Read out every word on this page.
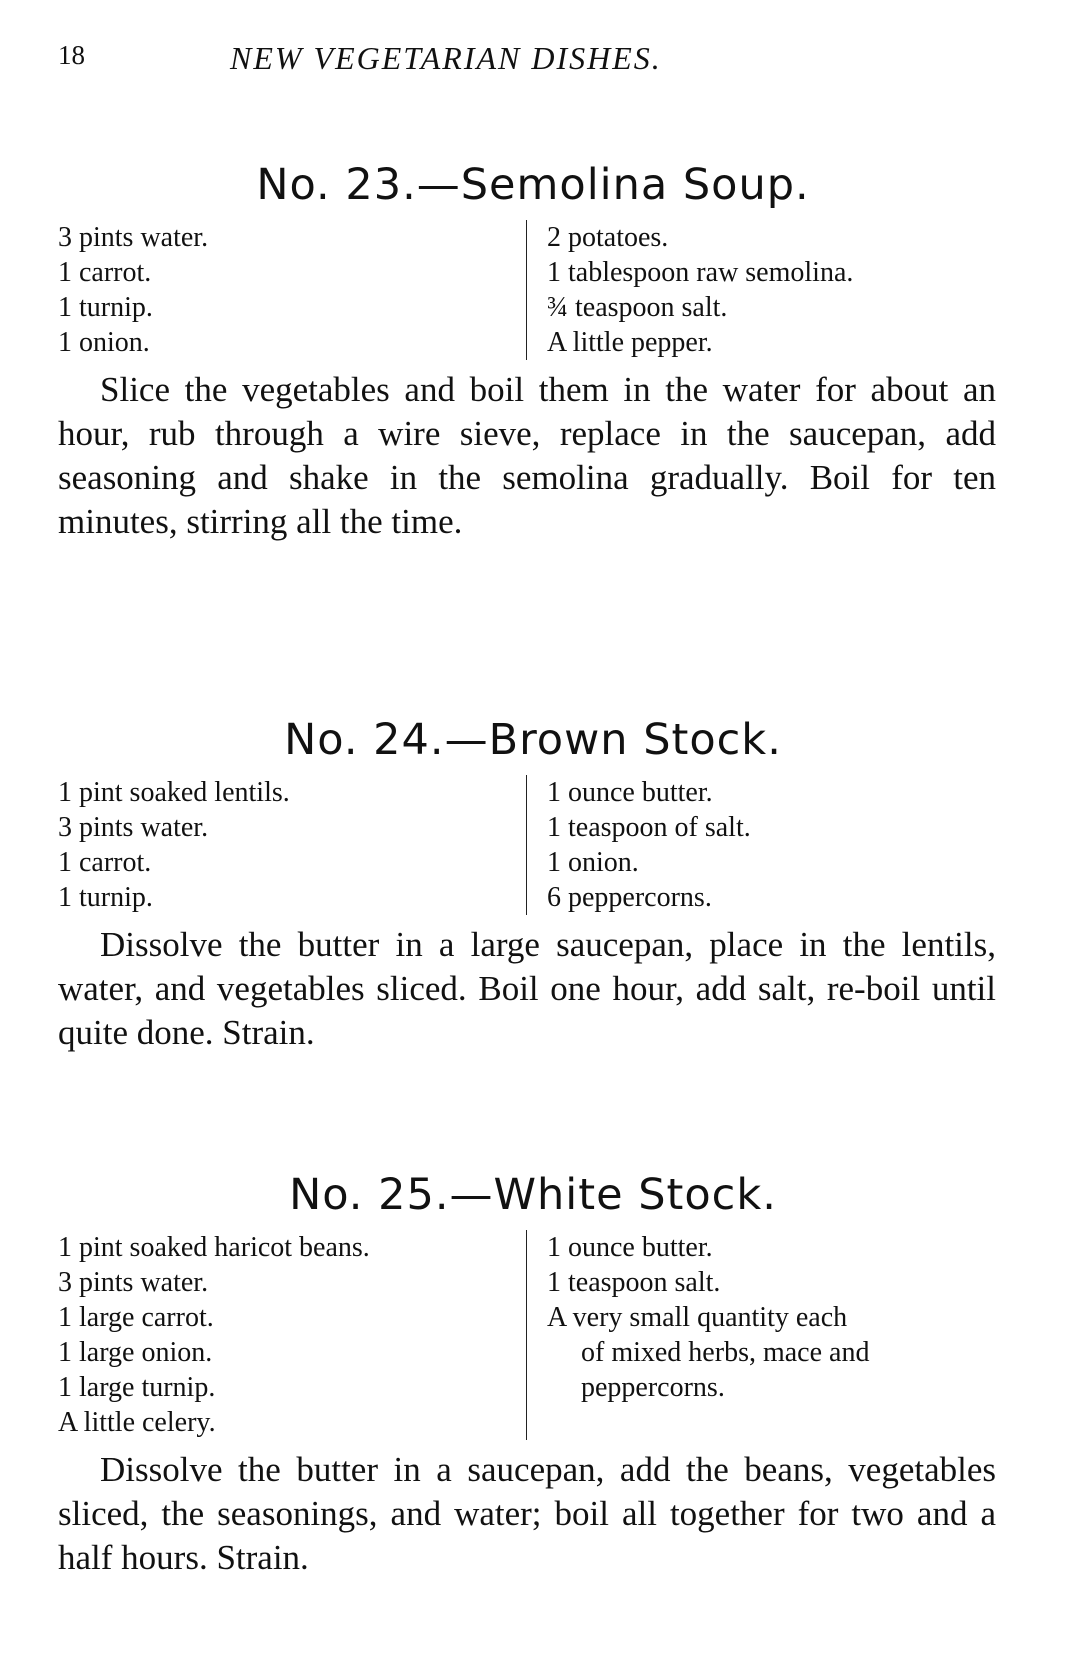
18	NEW VEGETARIAN DISHES.
No. 23.—Semolina Soup.
3 pints water.
1 carrot.
1 turnip.
1 onion.
2 potatoes.
1 tablespoon raw semolina.
¾ teaspoon salt.
A little pepper.

Slice the vegetables and boil them in the water for about an hour, rub through a wire sieve, replace in the saucepan, add seasoning and shake in the semolina gradually. Boil for ten minutes, stirring all the time.

No. 24.—Brown Stock.
1 pint soaked lentils.
3 pints water.
1 carrot.
1 turnip.
1 ounce butter.
1 teaspoon of salt.
1 onion.
6 peppercorns.

Dissolve the butter in a large saucepan, place in the lentils, water, and vegetables sliced. Boil one hour, add salt, re-boil until quite done. Strain.

No. 25.—White Stock.
1 pint soaked haricot beans.
3 pints water.
1 large carrot.
1 large onion.
1 large turnip.
A little celery.
1 ounce butter.
1 teaspoon salt.
A very small quantity each
of mixed herbs, mace and
peppercorns.

Dissolve the butter in a saucepan, add the beans, vegetables sliced, the seasonings, and water; boil all together for two and a half hours. Strain.
